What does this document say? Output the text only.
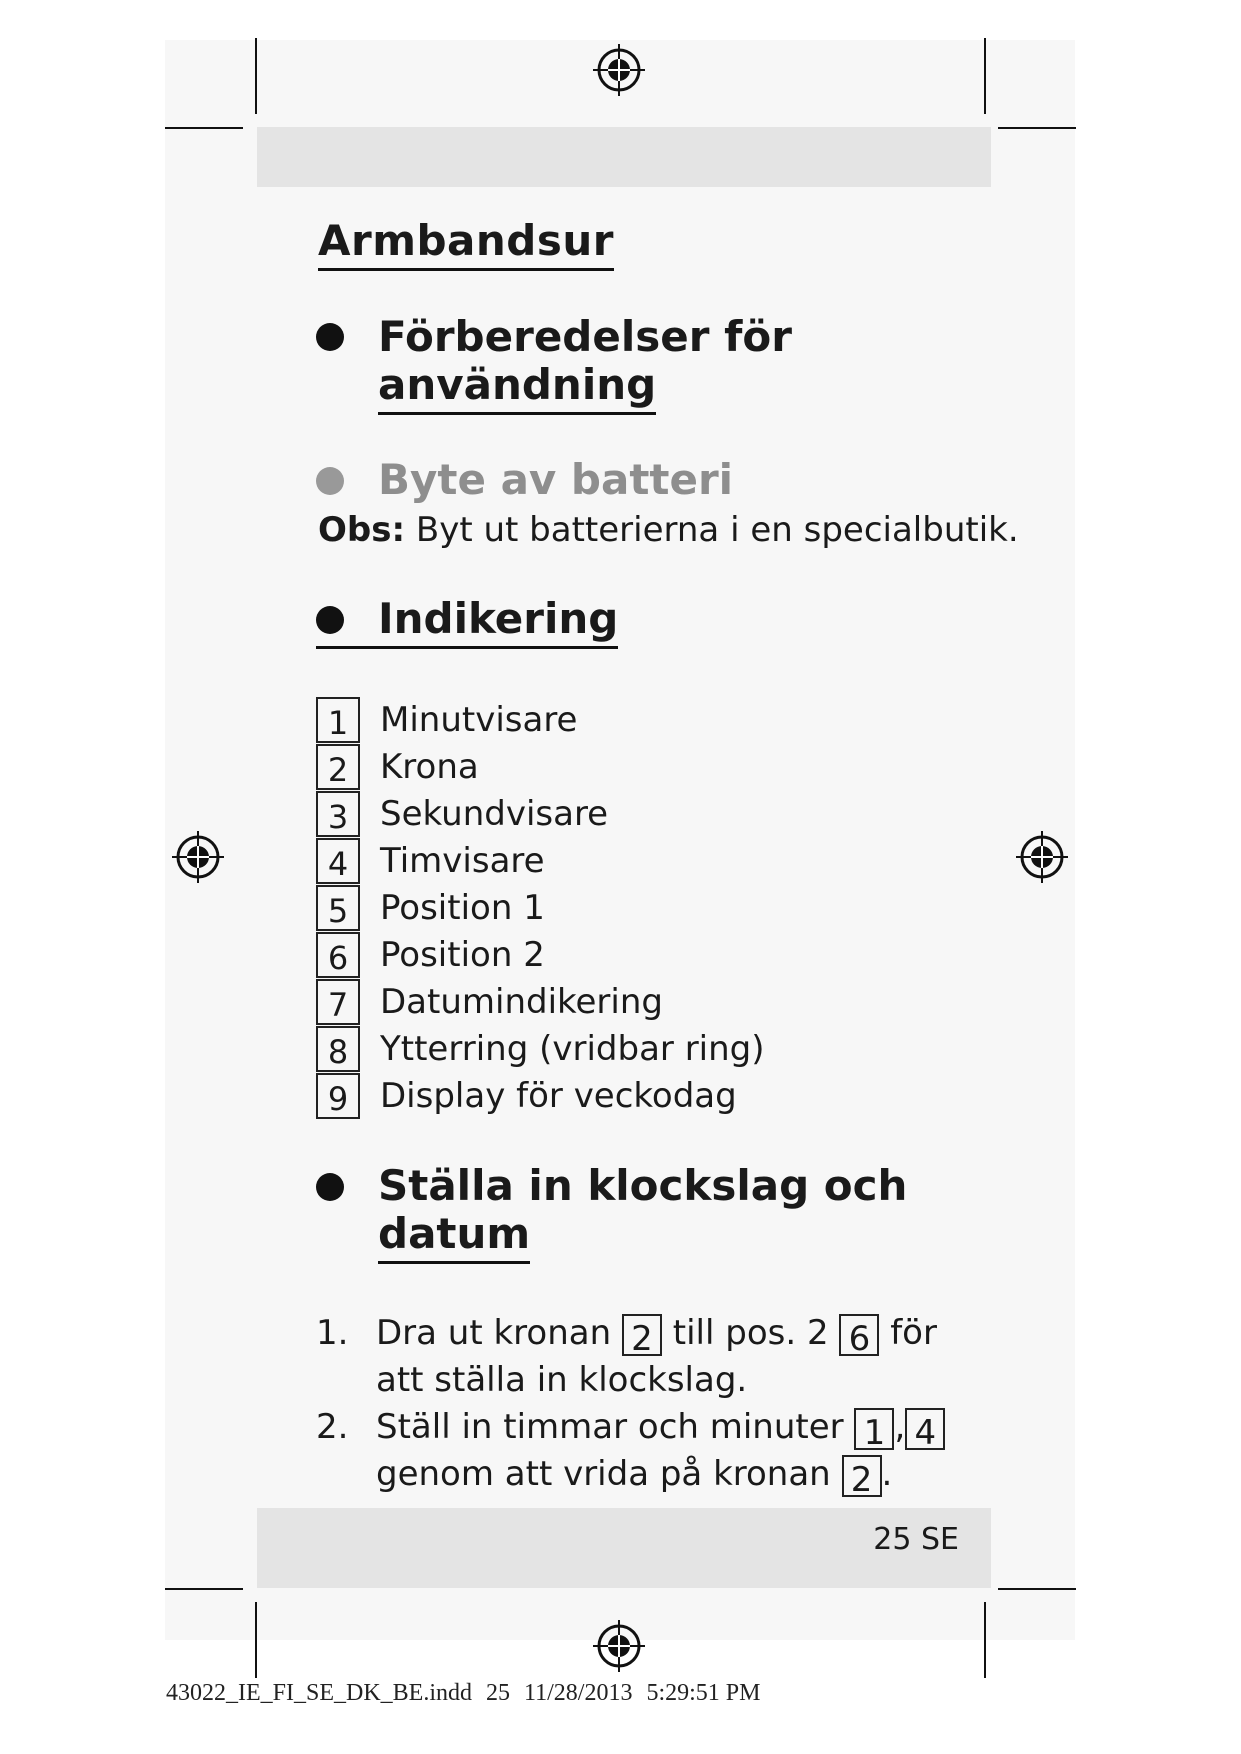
Armbandsur
Förberedelser för
användning
Byte av batteri
Obs: Byt ut batterierna i en specialbutik.
Indikering
1 Minutvisare
2 Krona
3 Sekundvisare
4 Timvisare
5 Position 1
6 Position 2
7 Datumindikering
8 Ytterring (vridbar ring)
9 Display för veckodag
Ställa in klockslag och
datum
1. Dra ut kronan 2 till pos. 2 6 för
att ställa in klockslag.
2. Ställ in timmar och minuter 1 , 4
genom att vrida på kronan 2 .
25 SE
43022_IE_FI_SE_DK_BE.indd 25 11/28/2013 5:29:51 PM
